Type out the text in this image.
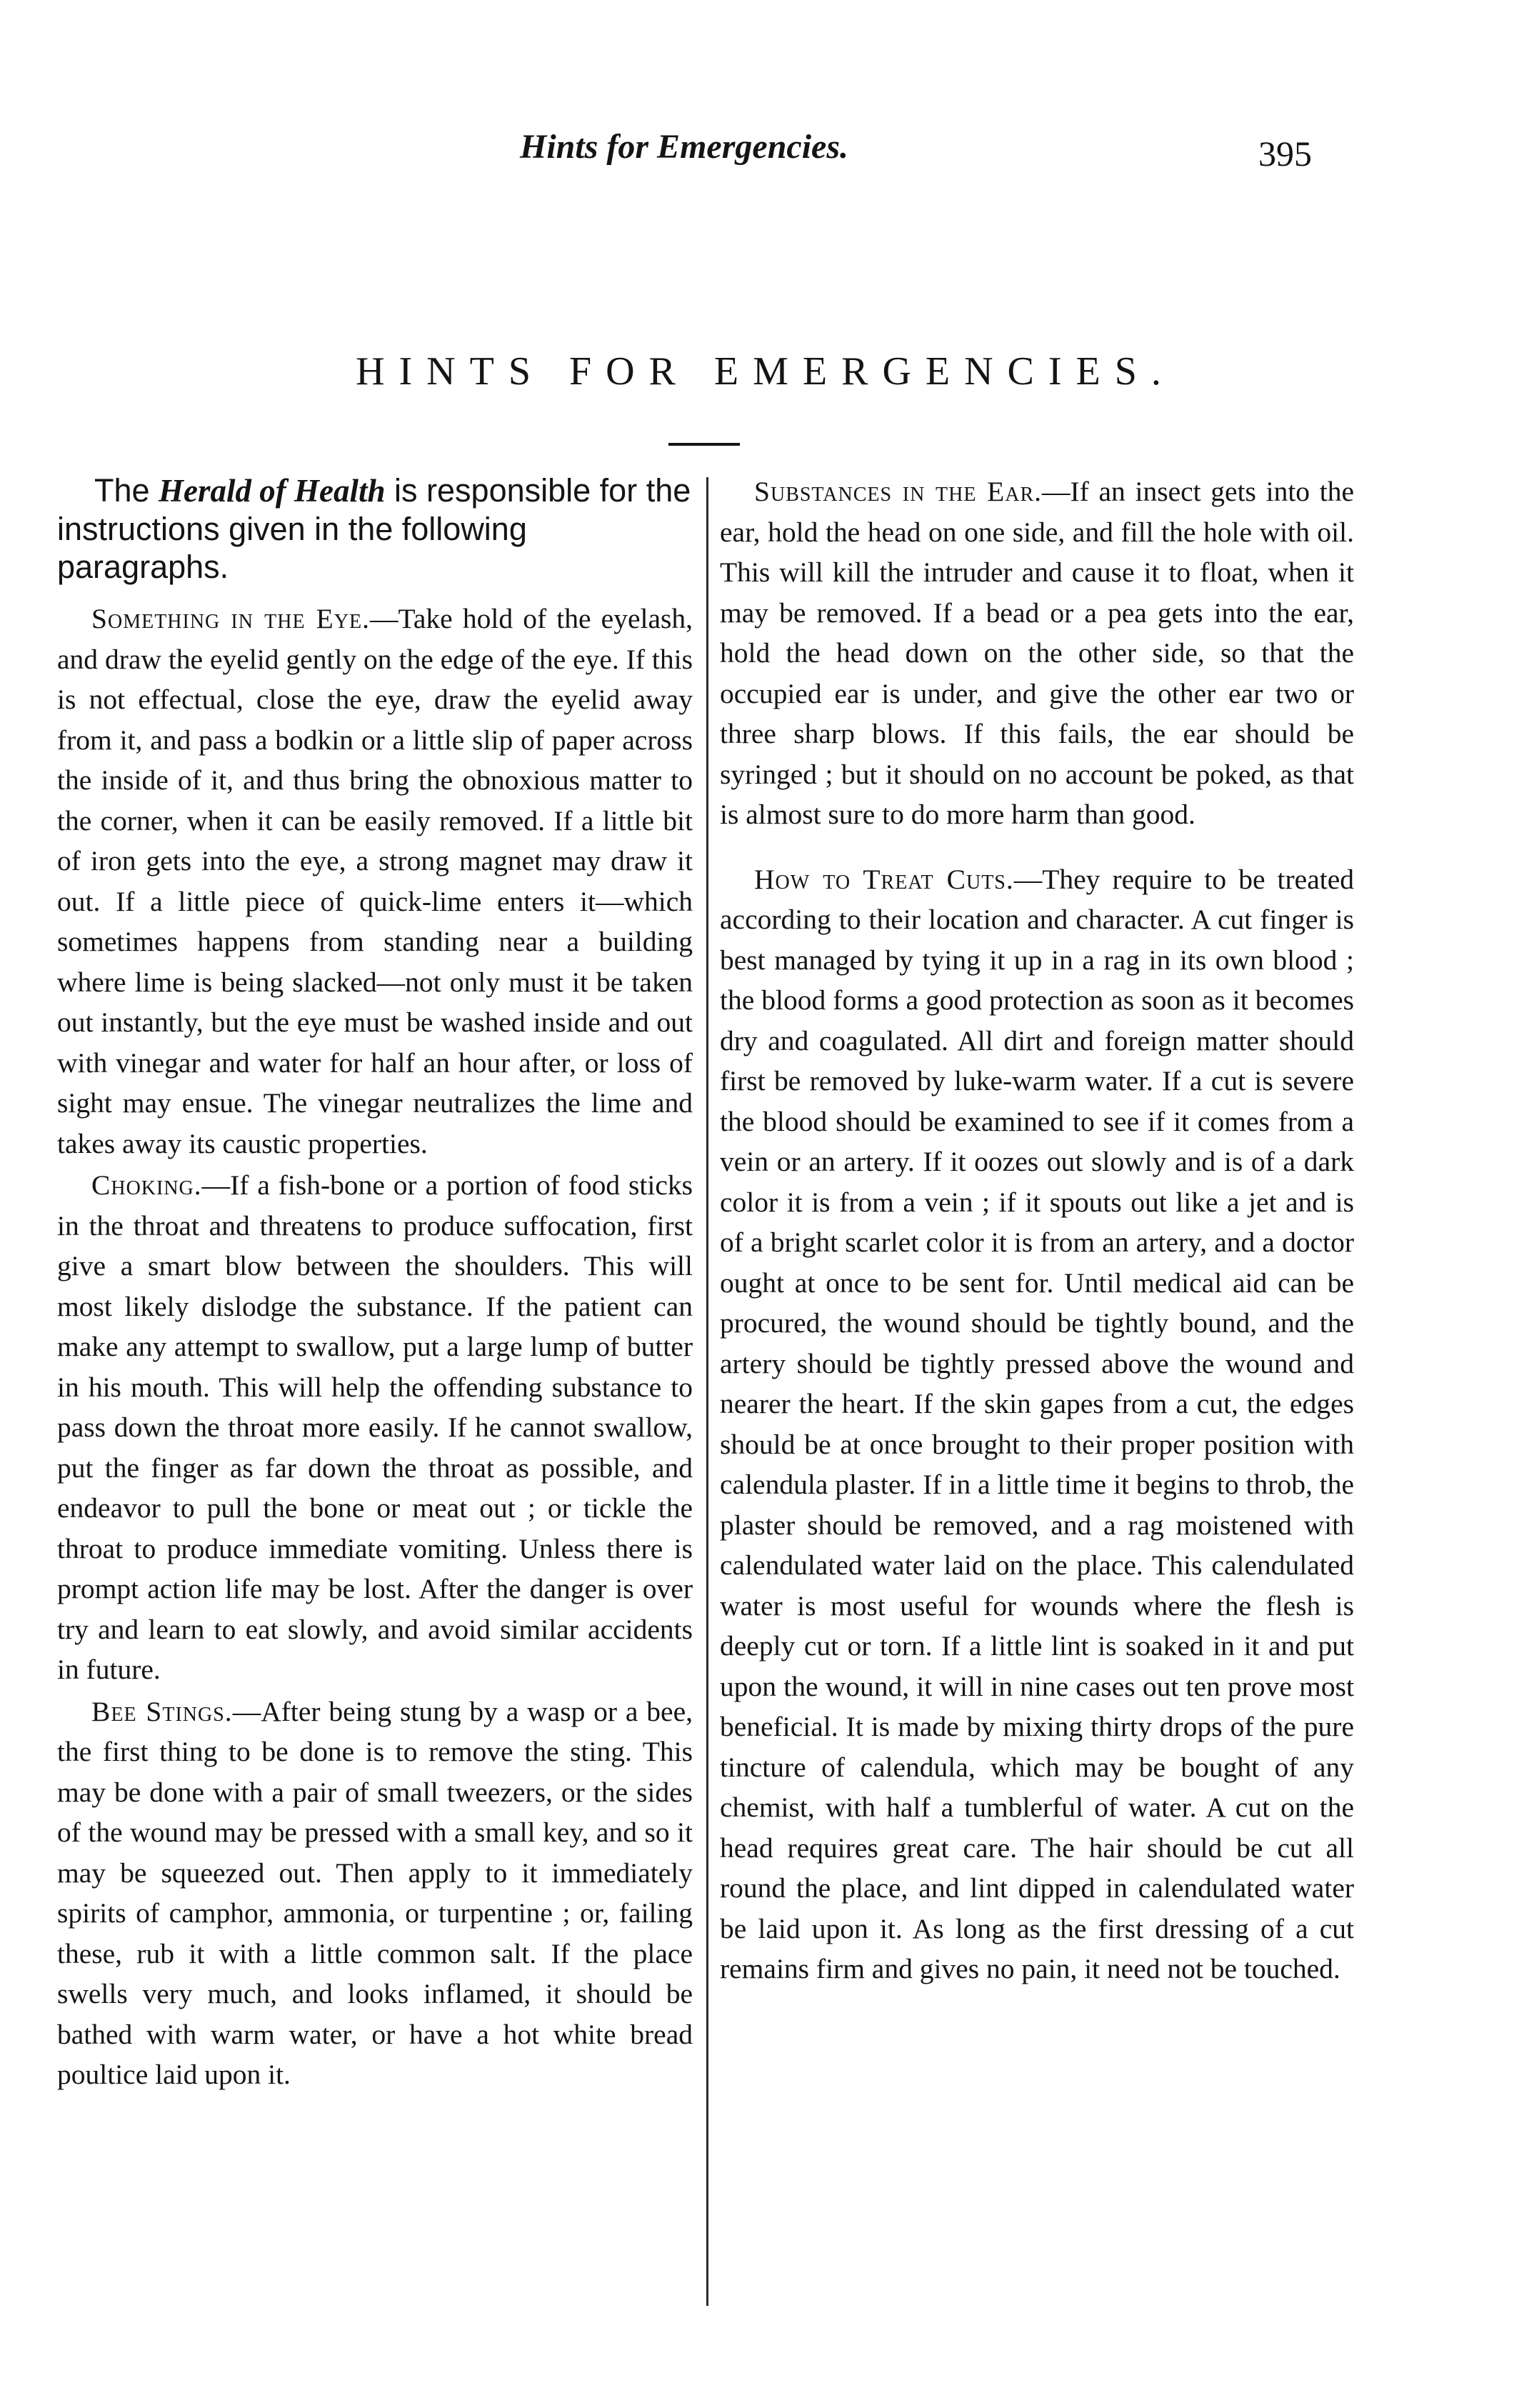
Hints for Emergencies.	395
HINTS FOR EMERGENCIES.

The Herald of Health is responsible for the instructions given in the following paragraphs.

Something in the Eye.—Take hold of the eyelash, and draw the eyelid gently on the edge of the eye. If this is not effectual, close the eye, draw the eyelid away from it, and pass a bodkin or a little slip of paper across the inside of it, and thus bring the obnoxious matter to the corner, when it can be easily removed. If a little bit of iron gets into the eye, a strong magnet may draw it out. If a little piece of quick-lime enters it—which sometimes happens from standing near a building where lime is being slacked—not only must it be taken out instantly, but the eye must be washed inside and out with vinegar and water for half an hour after, or loss of sight may ensue. The vinegar neutralizes the lime and takes away its caustic properties.

Choking.—If a fish-bone or a portion of food sticks in the throat and threatens to produce suffocation, first give a smart blow between the shoulders. This will most likely dislodge the substance. If the patient can make any attempt to swallow, put a large lump of butter in his mouth. This will help the offending substance to pass down the throat more easily. If he cannot swallow, put the finger as far down the throat as possible, and endeavor to pull the bone or meat out ; or tickle the throat to produce immediate vomiting. Unless there is prompt action life may be lost. After the danger is over try and learn to eat slowly, and avoid similar accidents in future.

Bee Stings.—After being stung by a wasp or a bee, the first thing to be done is to remove the sting. This may be done with a pair of small tweezers, or the sides of the wound may be pressed with a small key, and so it may be squeezed out. Then apply to it immediately spirits of camphor, ammonia, or turpentine ; or, failing these, rub it with a little common salt. If the place swells very much, and looks inflamed, it should be bathed with warm water, or have a hot white bread poultice laid upon it.

Substances in the Ear.—If an insect gets into the ear, hold the head on one side, and fill the hole with oil. This will kill the intruder and cause it to float, when it may be removed. If a bead or a pea gets into the ear, hold the head down on the other side, so that the occupied ear is under, and give the other ear two or three sharp blows. If this fails, the ear should be syringed ; but it should on no account be poked, as that is almost sure to do more harm than good.

How to Treat Cuts.—They require to be treated according to their location and character. A cut finger is best managed by tying it up in a rag in its own blood ; the blood forms a good protection as soon as it becomes dry and coagulated. All dirt and foreign matter should first be removed by luke-warm water. If a cut is severe the blood should be examined to see if it comes from a vein or an artery. If it oozes out slowly and is of a dark color it is from a vein ; if it spouts out like a jet and is of a bright scarlet color it is from an artery, and a doctor ought at once to be sent for. Until medical aid can be procured, the wound should be tightly bound, and the artery should be tightly pressed above the wound and nearer the heart. If the skin gapes from a cut, the edges should be at once brought to their proper position with calendula plaster. If in a little time it begins to throb, the plaster should be removed, and a rag moistened with calendulated water laid on the place. This calendulated water is most useful for wounds where the flesh is deeply cut or torn. If a little lint is soaked in it and put upon the wound, it will in nine cases out ten prove most beneficial. It is made by mixing thirty drops of the pure tincture of calendula, which may be bought of any chemist, with half a tumblerful of water. A cut on the head requires great care. The hair should be cut all round the place, and lint dipped in calendulated water be laid upon it. As long as the first dressing of a cut remains firm and gives no pain, it need not be touched.
